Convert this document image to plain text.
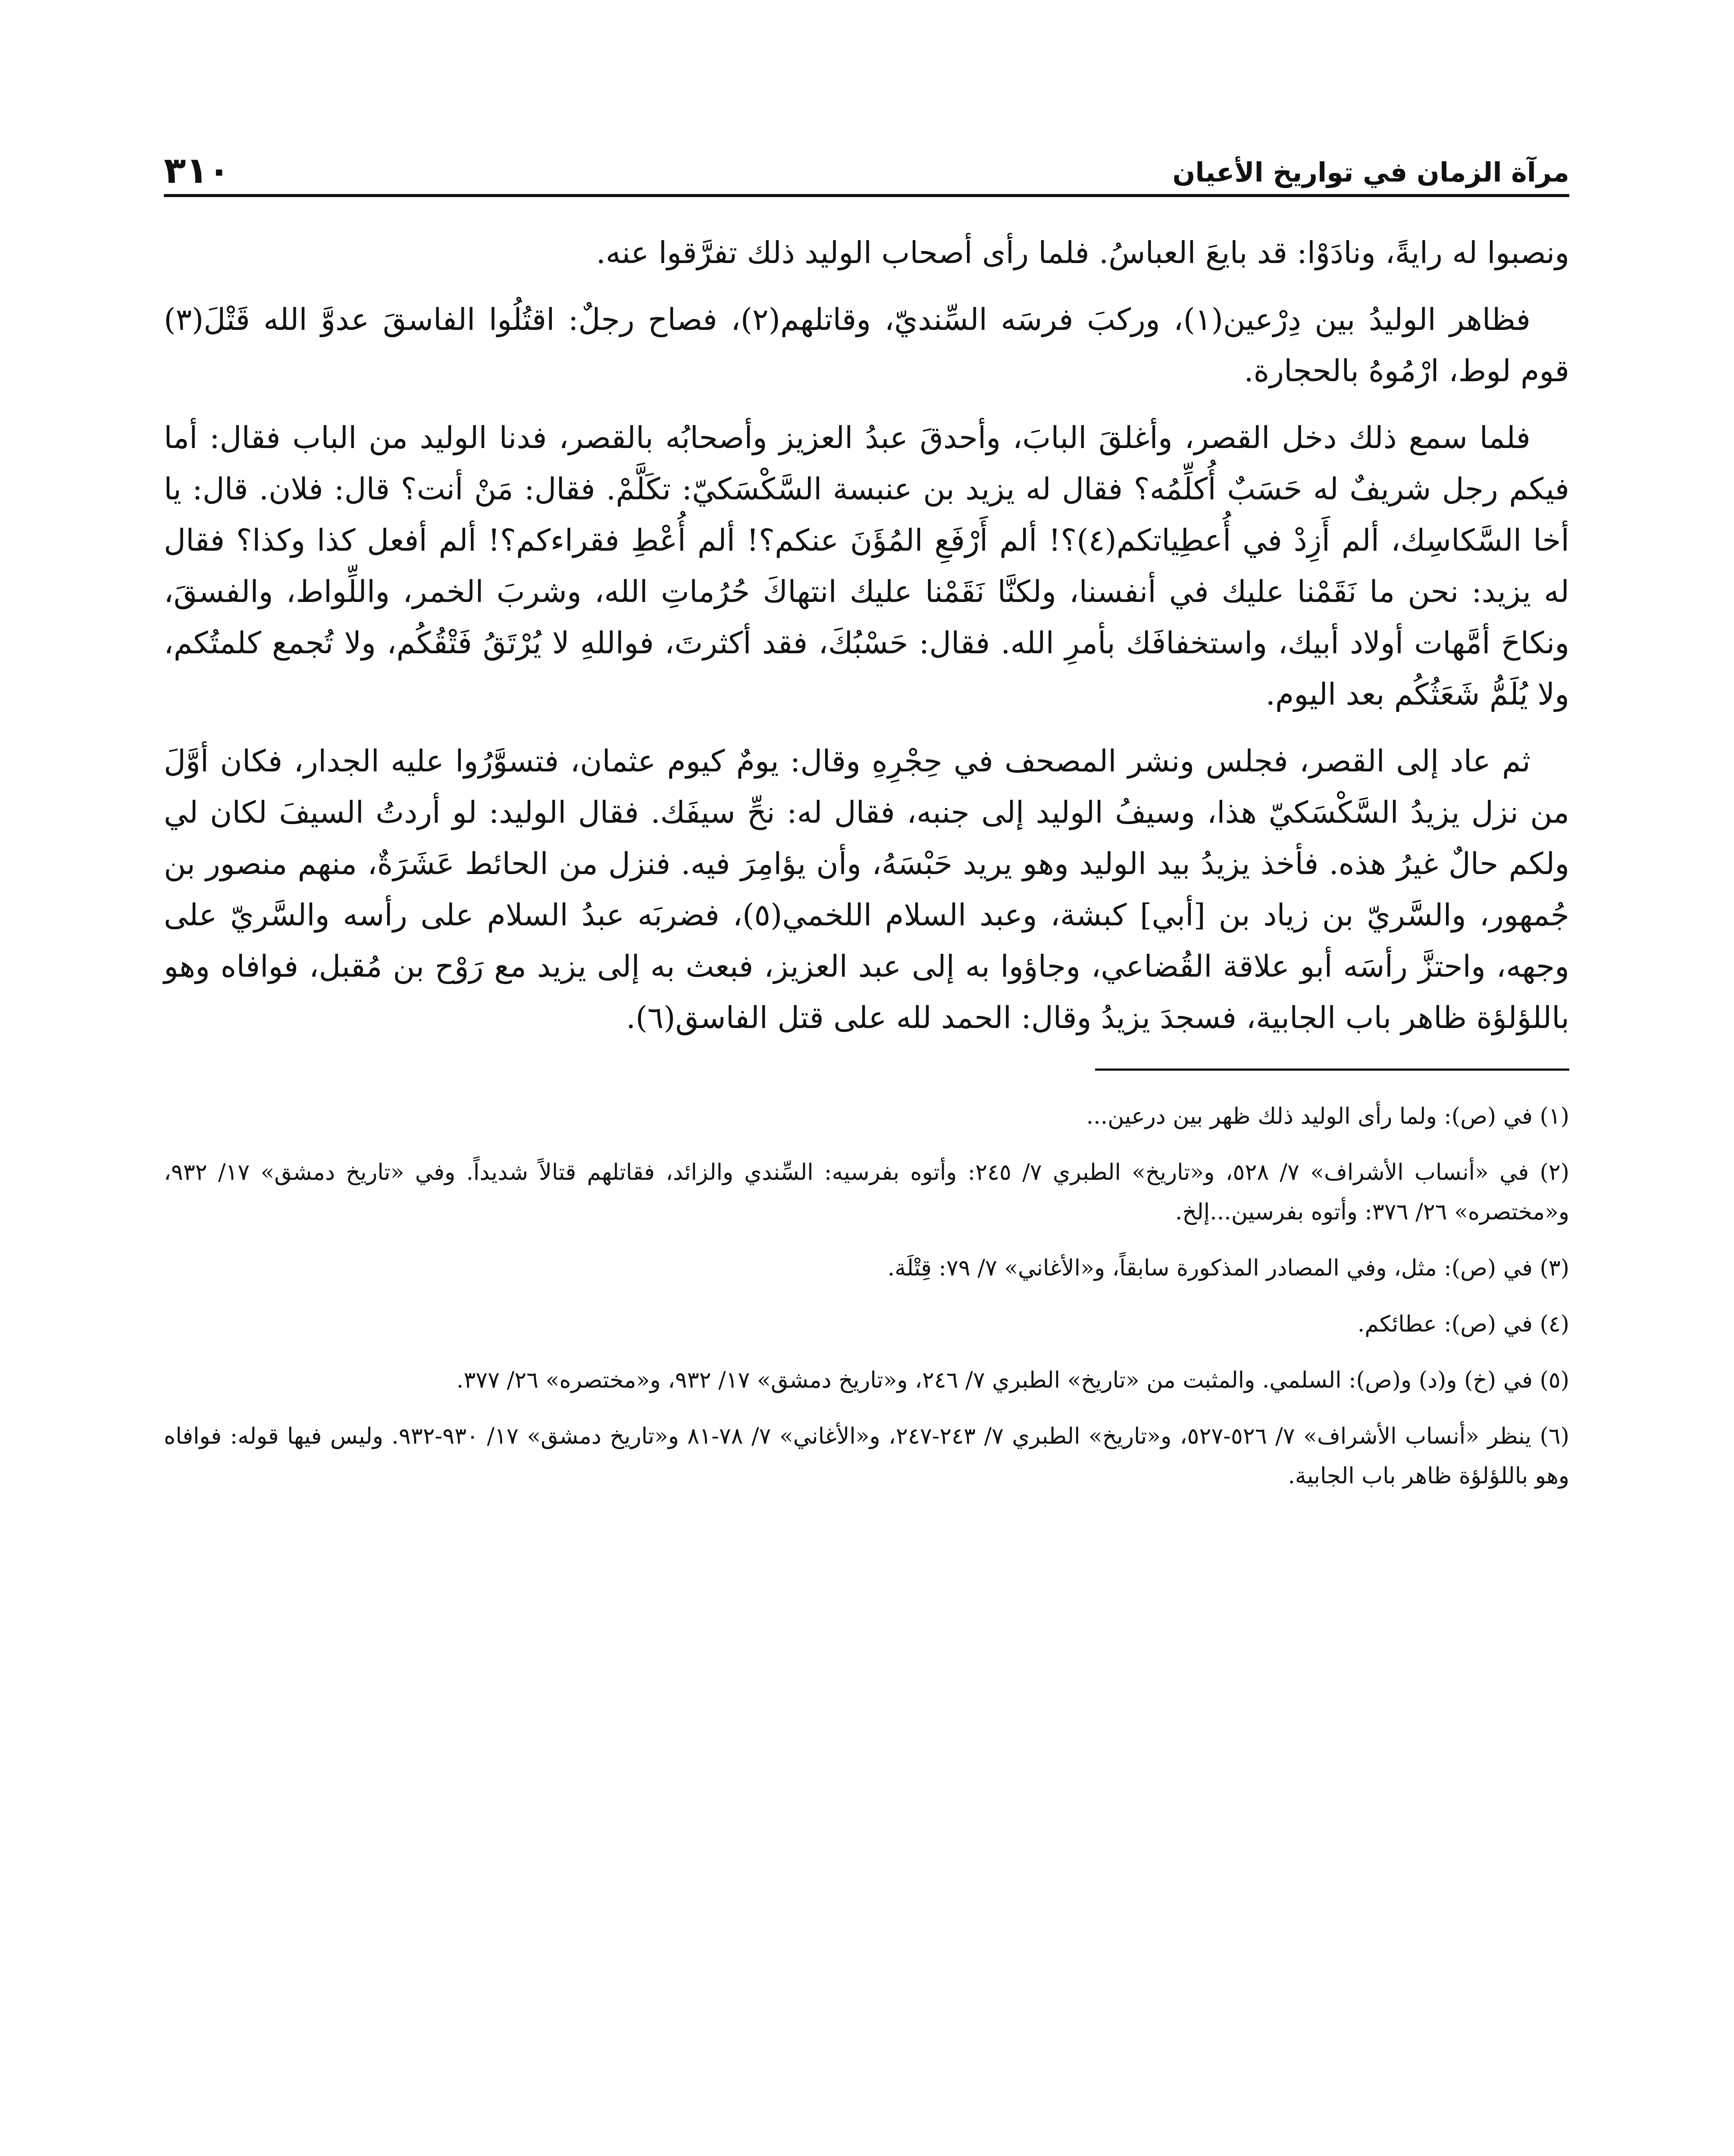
مرآة الزمان في تواريخ الأعيان
٣١٠

ونصبوا له رايةً، ونادَوْا: قد بايعَ العباسُ. فلما رأى أصحاب الوليد ذلك تفرَّقوا عنه.

فظاهر الوليدُ بين دِرْعين(١)، وركبَ فرسَه السِّنديّ، وقاتلهم(٢)، فصاح رجلٌ: اقتُلُوا الفاسقَ عدوَّ الله قَتْلَ(٣) قوم لوط، ارْمُوهُ بالحجارة.

فلما سمع ذلك دخل القصر، وأغلقَ البابَ، وأحدقَ عبدُ العزيز وأصحابُه بالقصر، فدنا الوليد من الباب فقال: أما فيكم رجل شريفٌ له حَسَبٌ أُكلِّمُه؟ فقال له يزيد بن عنبسة السَّكْسَكيّ: تكَلَّمْ. فقال: مَنْ أنت؟ قال: فلان. قال: يا أخا السَّكاسِك، ألم أَزِدْ في أُعطِياتكم(٤)؟! ألم أَرْفَعِ المُؤَنَ عنكم؟! ألم أُعْطِ فقراءكم؟! ألم أفعل كذا وكذا؟ فقال له يزيد: نحن ما نَقَمْنا عليك في أنفسنا، ولكنَّا نَقَمْنا عليك انتهاكَ حُرُماتِ الله، وشربَ الخمر، واللِّواط، والفسقَ، ونكاحَ أمَّهات أولاد أبيك، واستخفافَك بأمرِ الله. فقال: حَسْبُكَ، فقد أكثرتَ، فواللهِ لا يُرْتَقُ فَتْقُكُم، ولا تُجمع كلمتُكم، ولا يُلَمُّ شَعَثُكُم بعد اليوم.

ثم عاد إلى القصر، فجلس ونشر المصحف في حِجْرِهِ وقال: يومٌ كيوم عثمان، فتسوَّرُوا عليه الجدار، فكان أوَّلَ من نزل يزيدُ السَّكْسَكيّ هذا، وسيفُ الوليد إلى جنبه، فقال له: نحِّ سيفَك. فقال الوليد: لو أردتُ السيفَ لكان لي ولكم حالٌ غيرُ هذه. فأخذ يزيدُ بيد الوليد وهو يريد حَبْسَهُ، وأن يؤامِرَ فيه. فنزل من الحائط عَشَرَةٌ، منهم منصور بن جُمهور، والسَّريّ بن زياد بن [أبي] كبشة، وعبد السلام اللخمي(٥)، فضربَه عبدُ السلام على رأسه والسَّريّ على وجهه، واحتزَّ رأسَه أبو علاقة القُضاعي، وجاؤوا به إلى عبد العزيز، فبعث به إلى يزيد مع رَوْح بن مُقبل، فوافاه وهو باللؤلؤة ظاهر باب الجابية، فسجدَ يزيدُ وقال: الحمد لله على قتل الفاسق(٦).

(١) في (ص): ولما رأى الوليد ذلك ظهر بين درعين...

(٢) في «أنساب الأشراف» ٧/ ٥٢٨، و«تاريخ» الطبري ٧/ ٢٤٥: وأتوه بفرسيه: السِّندي والزائد، فقاتلهم قتالاً شديداً. وفي «تاريخ دمشق» ١٧/ ٩٣٢، و«مختصره» ٢٦/ ٣٧٦: وأتوه بفرسين...إلخ.

(٣) في (ص): مثل، وفي المصادر المذكورة سابقاً، و«الأغاني» ٧/ ٧٩: قِتْلَة.

(٤) في (ص): عطائكم.

(٥) في (خ) و(د) و(ص): السلمي. والمثبت من «تاريخ» الطبري ٧/ ٢٤٦، و«تاريخ دمشق» ١٧/ ٩٣٢، و«مختصره» ٢٦/ ٣٧٧.

(٦) ينظر «أنساب الأشراف» ٧/ ٥٢٦-٥٢٧، و«تاريخ» الطبري ٧/ ٢٤٣-٢٤٧، و«الأغاني» ٧/ ٧٨-٨١ و«تاريخ دمشق» ١٧/ ٩٣٠-٩٣٢. وليس فيها قوله: فوافاه وهو باللؤلؤة ظاهر باب الجابية.
